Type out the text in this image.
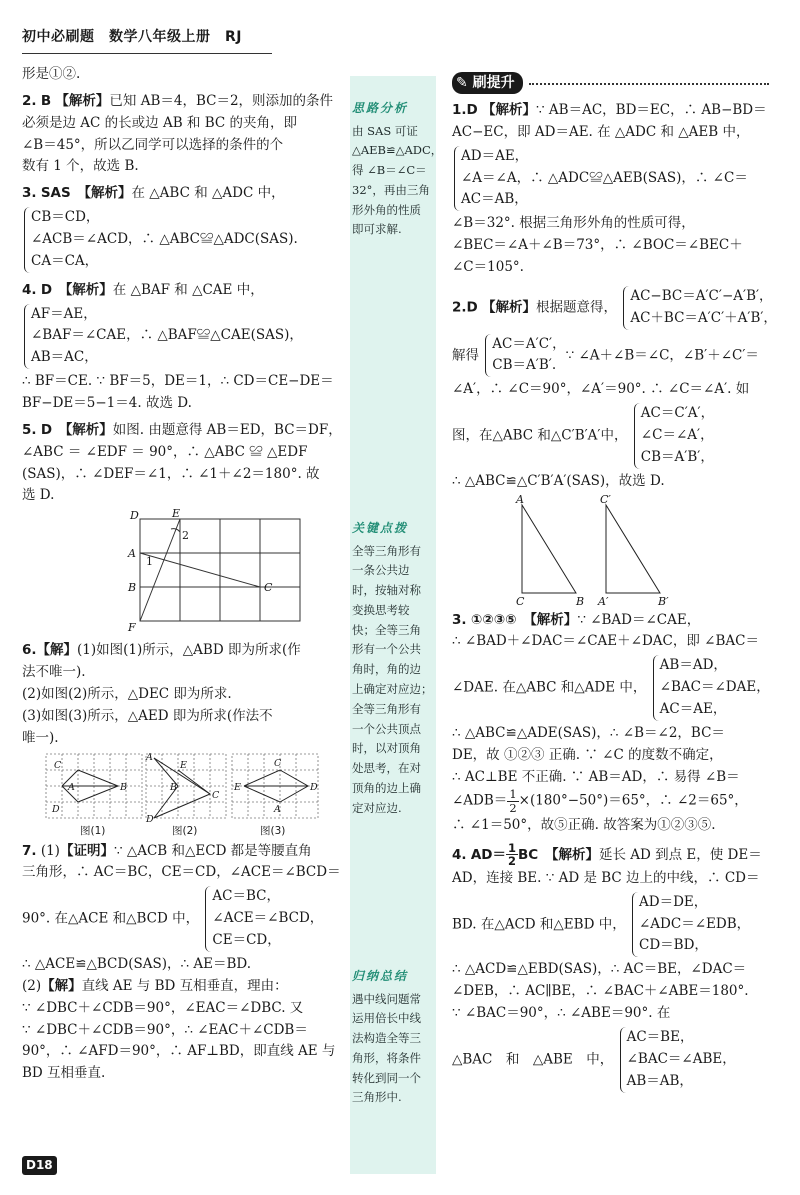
初中必刷题　数学八年级上册　RJ
思路分析
由 SAS 可证
△AEB≌△ADC，
得 ∠B＝∠C＝
32°，再由三角
形外角的性质
即可求解.
关键点拨
全等三角形有
一条公共边
时，按轴对称
变换思考较
快；全等三角
形有一个公共
角时，角的边
上确定对应边；
全等三角形有
一个公共顶点
时，以对顶角
处思考，在对
顶角的边上确
定对应边.
归纳总结
遇中线问题常
运用倍长中线
法构造全等三
角形，将条件
转化到同一个
三角形中.
形是①②.
2. B 【解析】已知 AB＝4，BC＝2，则添加的条件
必须是边 AC 的长或边 AB 和 BC 的夹角，即
∠B＝45°，所以乙同学可以选择的条件的个
数有 1 个，故选 B.
3. SAS　 【解析】在 △ABC 和 △ADC 中，
CB＝CD，
∠ACB＝∠ACD，∴ △ABC≌△ADC(SAS).
CA＝CA，
4. D　 【解析】在 △BAF 和 △CAE 中，
AF＝AE，
∠BAF＝∠CAE，∴ △BAF≌△CAE(SAS)，
AB＝AC，
∴ BF＝CE. ∵ BF＝5，DE＝1，∴ CD＝CE−DE＝
BF−DE＝5−1＝4. 故选 D.
5. D　 【解析】如图. 由题意得 AB＝ED，BC＝DF，
∠ABC ＝ ∠EDF ＝ 90°，∴ △ABC ≌ △EDF
(SAS)，∴ ∠DEF＝∠1，∴ ∠1＋∠2＝180°. 故
选 D.
D	E
A
B	C
F
1
2
6.【解】(1)如图(1)所示，△ABD 即为所求(作
法不唯一).
(2)如图(2)所示，△DEC 即为所求.
(3)如图(3)所示，△AED 即为所求(作法不
唯一).
C
B
D
A
A
C
E
D
B	E
C
D
A
图(1)	图(2)	图(3)
7. (1)【证明】∵ △ACB 和△ECD 都是等腰直角
三角形，∴ AC＝BC，CE＝CD，∠ACE＝∠BCD＝
90°. 在△ACE 和△BCD 中，
AC＝BC，
∠ACE＝∠BCD，
CE＝CD，
∴ △ACE≌△BCD(SAS)，∴ AE＝BD.
(2)【解】直线 AE 与 BD 互相垂直，理由：
∵ ∠DBC＋∠CDB＝90°，∠EAC＝∠DBC. 又
∵ ∠DBC＋∠CDB＝90°，∴ ∠EAC＋∠CDB＝
90°，∴ ∠AFD＝90°，∴ AF⊥BD，即直线 AE 与
BD 互相垂直.
✎ 刷提升
1.D 【解析】∵ AB＝AC，BD＝EC，∴ AB−BD＝
AC−EC，即 AD＝AE. 在 △ADC 和 △AEB 中，
AD＝AE，
∠A＝∠A，∴ △ADC≌△AEB(SAS)，∴ ∠C＝
AC＝AB，
∠B＝32°. 根据三角形外角的性质可得，
∠BEC＝∠A＋∠B＝73°，∴ ∠BOC＝∠BEC＋
∠C＝105°.
2.D 【解析】根据题意得，
AC−BC＝A′C′−A′B′，
AC＋BC＝A′C′＋A′B′，
解得
AC＝A′C′，
CB＝A′B′.
∵ ∠A＋∠B＝∠C，∠B′＋∠C′＝
∠A′，∴ ∠C＝90°，∠A′＝90°. ∴ ∠C＝∠A′. 如
图，在△ABC 和△C′B′A′中，
AC＝C′A′，
∠C＝∠A′，
CB＝A′B′，
∴ △ABC≌△C′B′A′(SAS)，故选 D.
A
C	B
C′
A′	B′
3. ①②③⑤　 【解析】∵ ∠BAD＝∠CAE，
∴ ∠BAD＋∠DAC＝∠CAE＋∠DAC，即 ∠BAC＝
∠DAE. 在△ABC 和△ADE 中，
AB＝AD，
∠BAC＝∠DAE，
AC＝AE，
∴ △ABC≌△ADE(SAS)，∴ ∠B＝∠2，BC＝
DE，故 ①②③ 正确. ∵ ∠C 的度数不确定，
∴ AC⊥BE 不正确. ∵ AB＝AD，∴ 易得 ∠B＝
∠ADB＝ $\frac{1}{2} \times(180^\circ-50^\circ)=65^\circ$，∴ ∠2＝65°，
∴ ∠1＝50°，故⑤正确. 故答案为①②③⑤.
4. $AD= \frac{1}{2}$ BC　 【解析】延长 AD 到点 E，使 DE＝
AD，连接 BE. ∵ AD 是 BC 边上的中线，∴ CD＝
BD. 在△ACD 和△EBD 中，
AD＝DE，
∠ADC＝∠EDB，
CD＝BD，
∴ △ACD≌△EBD(SAS)，∴ AC＝BE，∠DAC＝
∠DEB，∴ AC∥BE，∴ ∠BAC＋∠ABE＝180°.
∵ ∠BAC＝90°，∴ ∠ABE＝90°. 在
△BAC　和　△ABE　中，
AC＝BE，
∠BAC＝∠ABE，
AB＝AB，
D18
